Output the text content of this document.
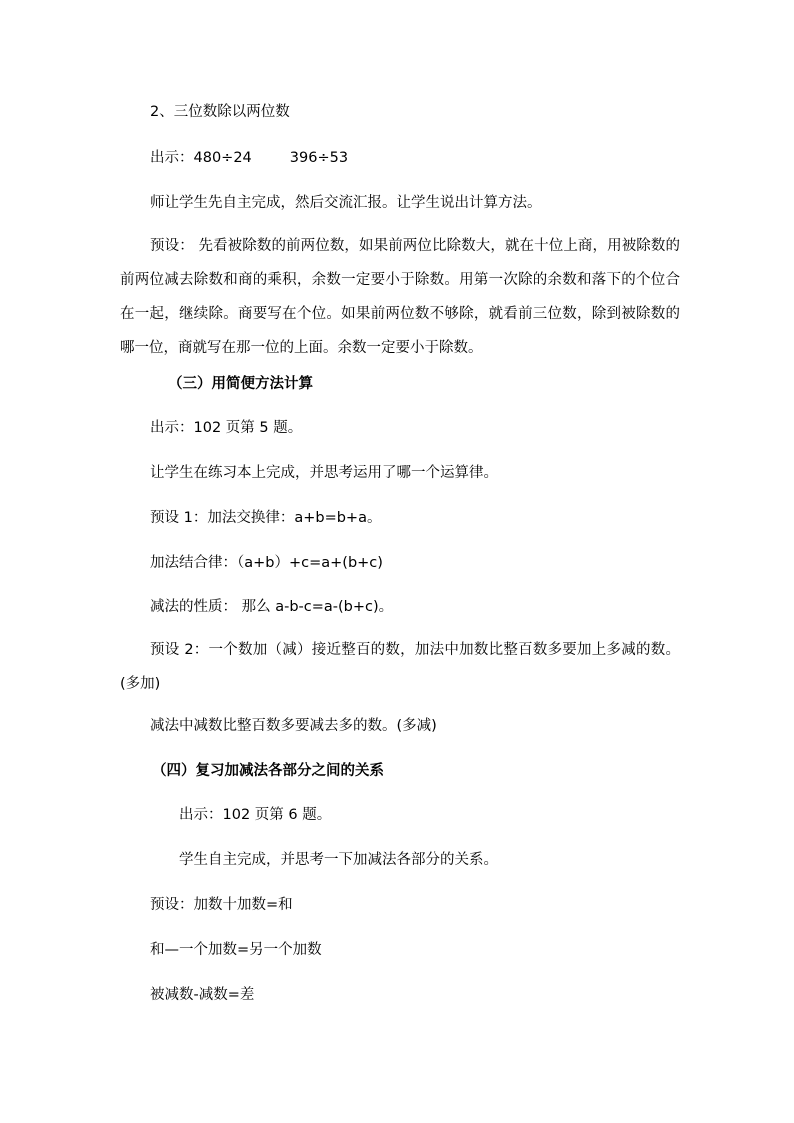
2、三位数除以两位数
出示：480÷24	396÷53
师让学生先自主完成，然后交流汇报。让学生说出计算方法。
预设： 先看被除数的前两位数，如果前两位比除数大，就在十位上商，用被除数的前两位减去除数和商的乘积，余数一定要小于除数。用第一次除的余数和落下的个位合在一起，继续除。商要写在个位。如果前两位数不够除，就看前三位数，除到被除数的哪一位，商就写在那一位的上面。余数一定要小于除数。
（三）用简便方法计算
出示：102 页第 5 题。
让学生在练习本上完成，并思考运用了哪一个运算律。
预设 1：加法交换律：a+b=b+a。
加法结合律：（a+b）+c=a+(b+c)
减法的性质： 那么 a-b-c=a-(b+c)。
预设 2：一个数加（减）接近整百的数，加法中加数比整百数多要加上多减的数。(多加)
减法中减数比整百数多要减去多的数。(多减)
（四）复习加减法各部分之间的关系
出示：102 页第 6 题。
学生自主完成，并思考一下加减法各部分的关系。
预设：加数十加数=和
和—一个加数=另一个加数
被减数-减数=差
